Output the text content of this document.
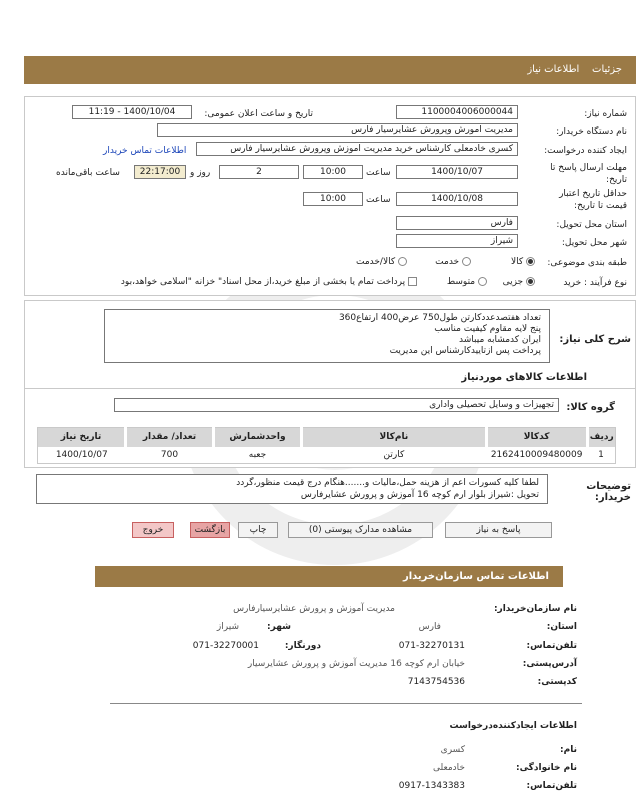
جزئیات    اطلاعات نیاز
شماره نیاز:
1100004006000044
تاریخ و ساعت اعلان عمومی:
1400/10/04 - 11:19
نام دستگاه خریدار:
مدیریت امورش وپرورش عشایرسیار فارس
ایجاد کننده درخواست:
کسری خادمعلی کارشناس خرید مدیریت اموزش وپرورش عشایرسیار فارس
اطلاعات تماس خریدار
مهلت ارسال پاسخ تا
تاریخ:
1400/10/07
ساعت
10:00
2
روز و
22:17:00
ساعت باقی‌مانده
حداقل تاریخ اعتبار
قیمت تا تاریخ:
1400/10/08
ساعت
10:00
استان محل تحویل:
فارس
شهر محل تحویل:
شیراز
طبقه بندی موضوعی:
کالا
خدمت
کالا/خدمت
نوع فرآیند : خرید
جزیی
متوسط
پرداخت تمام یا بخشی از مبلغ خرید،از محل اسناد" خزانه "اسلامی خواهد،بود
شرح کلی نیاز:
تعداد هفتصدعددکارتن طول750 عرض400 ارتفاع360
پنج لایه مقاوم کیفیت مناسب
ایران کدمشابه میباشد
پرداخت پس ازتاییدکارشناس این مدیریت
اطلاعات کالاهای موردنیاز
گروه کالا:
تجهیزات و وسایل تحصیلی واداری
ردیف	کدکالا	نام‌کالا	واحدشمارش	تعداد/ مقدار	تاریخ نیاز
1	2162410009480009	کارتن	جعبه	700	1400/10/07
توضیحات
خریدار:
لطفا کلیه کسورات اعم از هزینه حمل،مالیات و.......هنگام درج قیمت منظور،گردد
تحویل :شیراز بلوار ارم کوچه 16 آموزش و پرورش عشایرفارس
پاسخ به نیاز
مشاهده مدارک پیوستی (0)
چاپ
بازگشت
خروج
اطلاعات تماس سازمان‌خریدار
نام سازمان‌خریدار:
مدیریت آموزش و پرورش عشایرسیارفارس
استان:
فارس
شهر:
شیراز
تلفن‌تماس:
071-32270131
دورنگار:
071-32270001
آدرس‌پستی:
خیابان ارم کوچه 16 مدیریت آموزش و پرورش عشایرسیار
کدپستی:
7143754536
اطلاعات ایجادکننده‌درخواست
نام:
کسری
نام خانوادگی:
خادمعلی
تلفن‌تماس:
0917-1343383
